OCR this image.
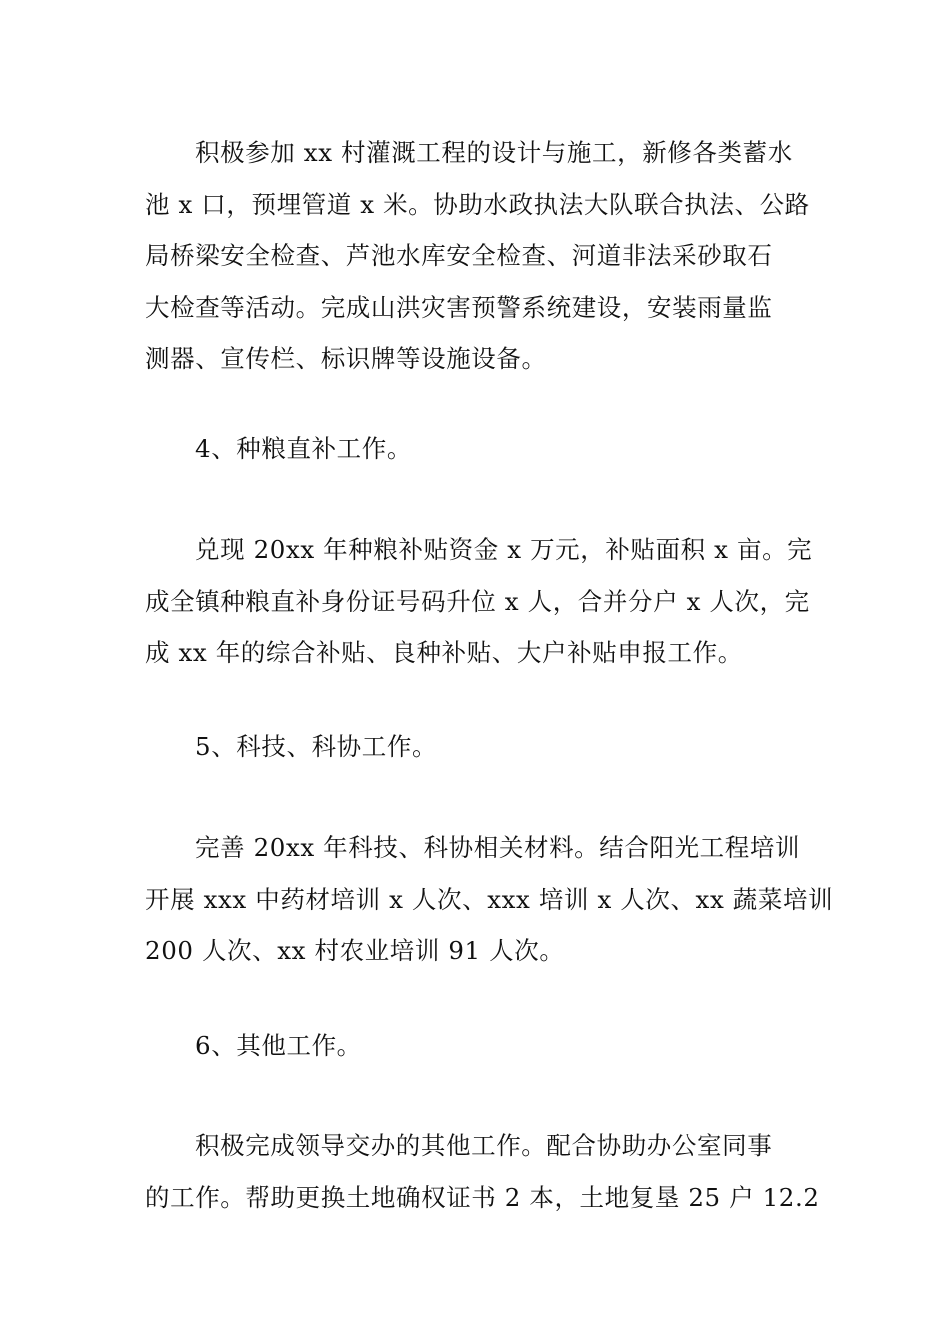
积极参加 xx 村灌溉工程的设计与施工，新修各类蓄水
池 x 口，预埋管道 x 米。协助水政执法大队联合执法、公路
局桥梁安全检查、芦池水库安全检查、河道非法采砂取石
大检查等活动。完成山洪灾害预警系统建设，安装雨量监
测器、宣传栏、标识牌等设施设备。
4、种粮直补工作。
兑现 20xx 年种粮补贴资金 x 万元，补贴面积 x 亩。完
成全镇种粮直补身份证号码升位 x 人，合并分户 x 人次，完
成 xx 年的综合补贴、良种补贴、大户补贴申报工作。
5、科技、科协工作。
完善 20xx 年科技、科协相关材料。结合阳光工程培训
开展 xxx 中药材培训 x 人次、xxx 培训 x 人次、xx 蔬菜培训
200 人次、xx 村农业培训 91 人次。
6、其他工作。
积极完成领导交办的其他工作。配合协助办公室同事
的工作。帮助更换土地确权证书 2 本，土地复垦 25 户 12.2
